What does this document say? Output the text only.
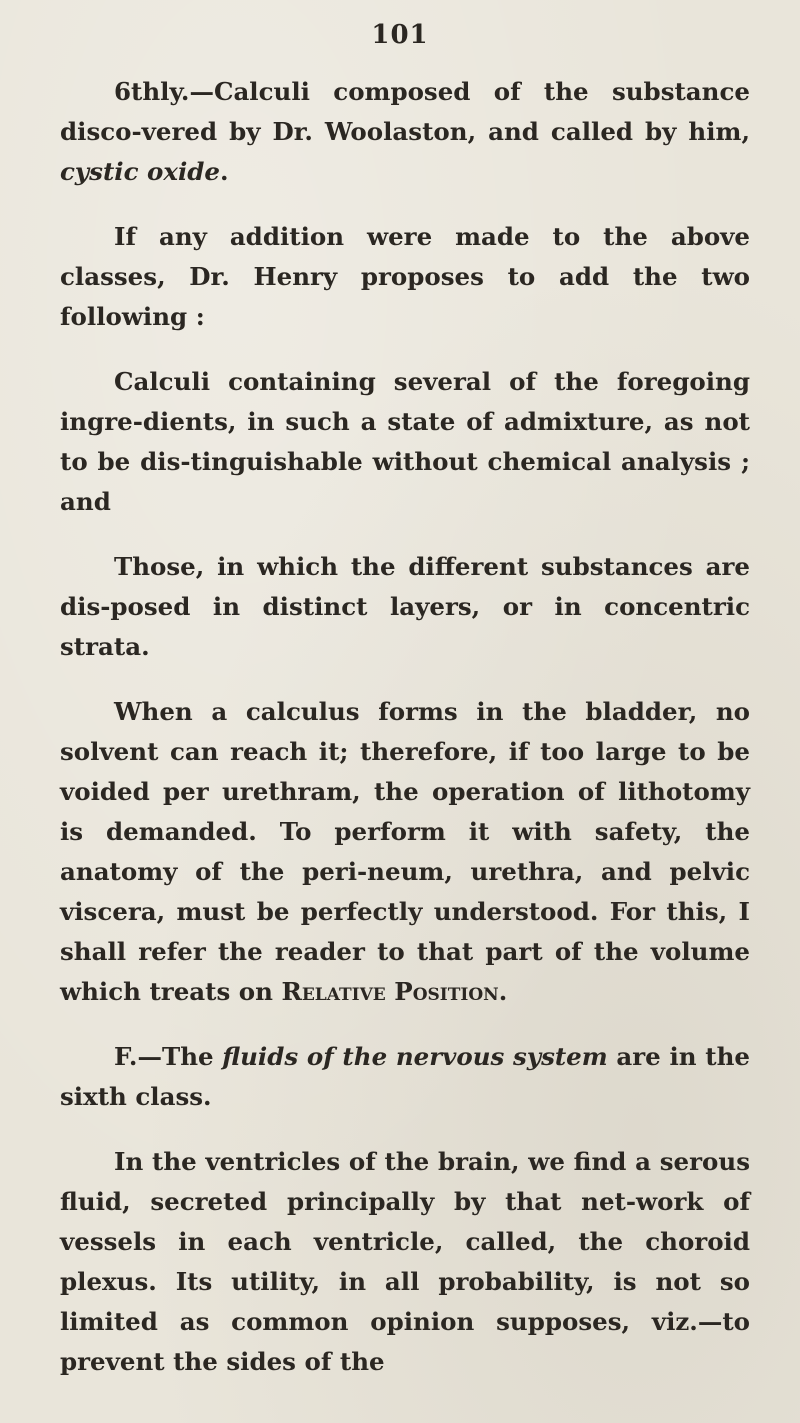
101

6thly.—Calculi composed of the substance disco-vered by Dr. Woolaston, and called by him, cystic oxide.

If any addition were made to the above classes, Dr. Henry proposes to add the two following :

Calculi containing several of the foregoing ingre-dients, in such a state of admixture, as not to be dis-tinguishable without chemical analysis ; and

Those, in which the different substances are dis-posed in distinct layers, or in concentric strata.

When a calculus forms in the bladder, no solvent can reach it; therefore, if too large to be voided per urethram, the operation of lithotomy is demanded. To perform it with safety, the anatomy of the peri-neum, urethra, and pelvic viscera, must be perfectly understood. For this, I shall refer the reader to that part of the volume which treats on Relative Position.

F.—The fluids of the nervous system are in the sixth class.

In the ventricles of the brain, we find a serous fluid, secreted principally by that net-work of vessels in each ventricle, called, the choroid plexus. Its utility, in all probability, is not so limited as common opinion supposes, viz.—to prevent the sides of the
